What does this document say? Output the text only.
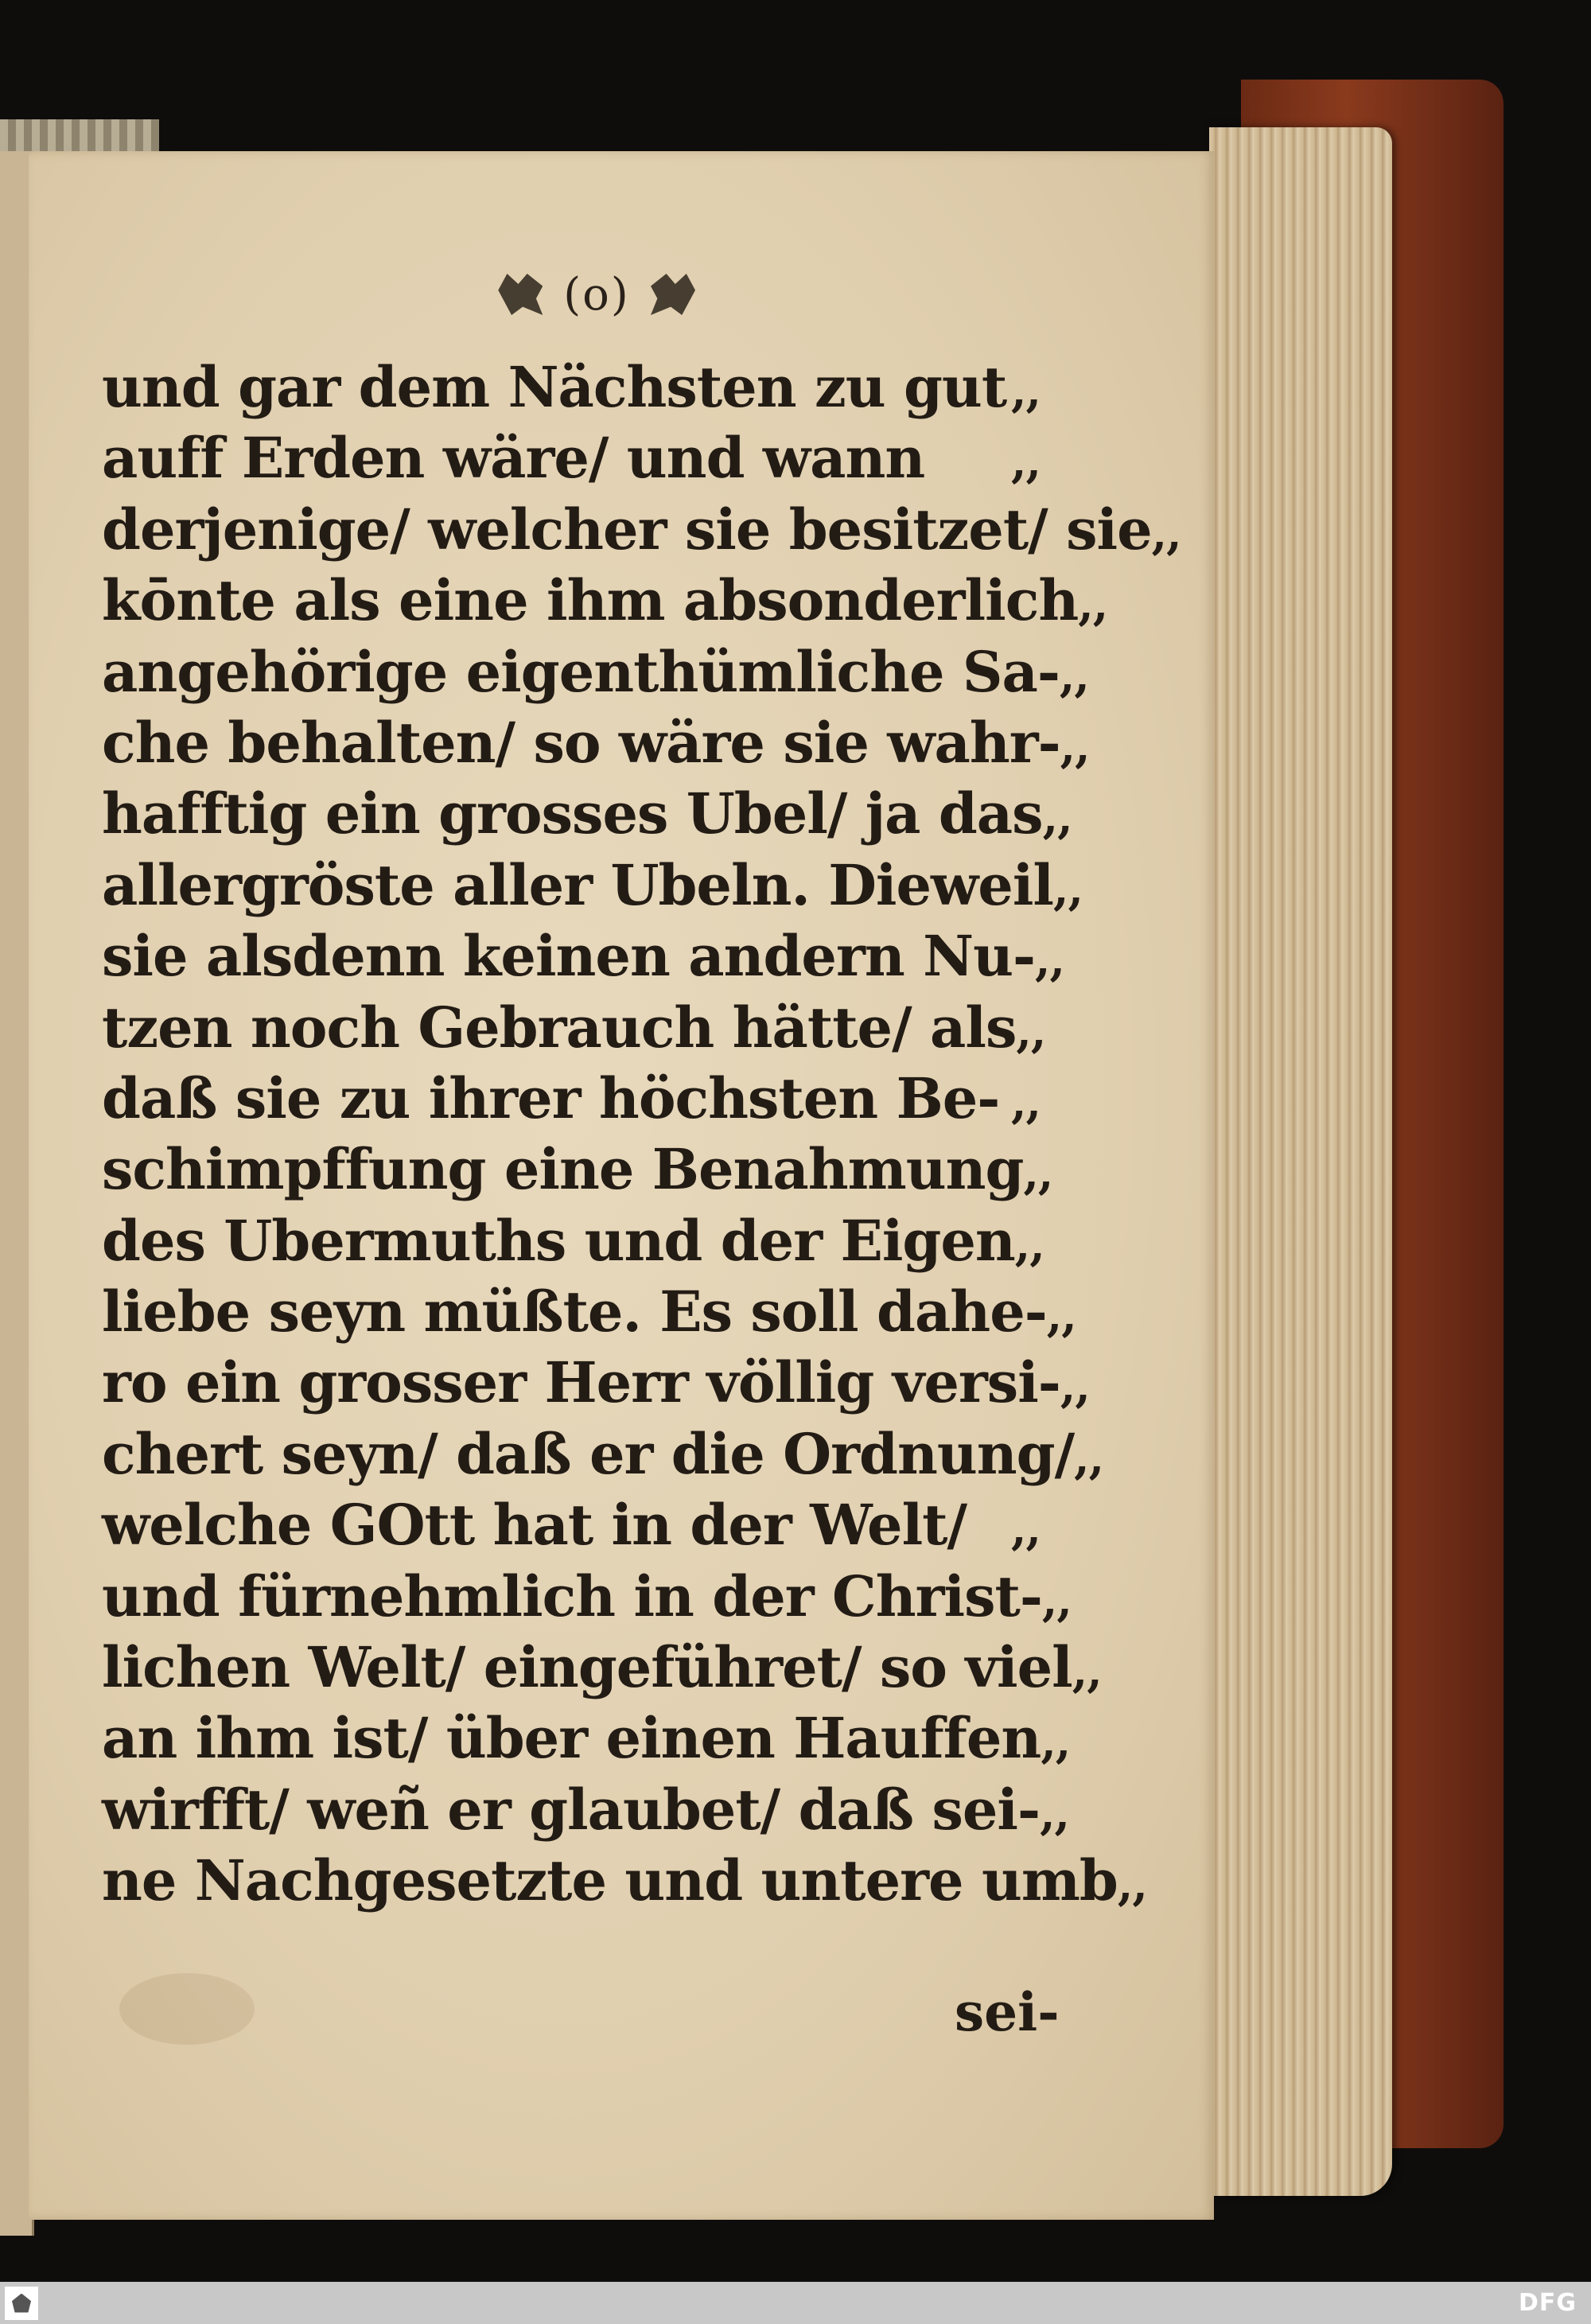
(o)
und gar dem Nächsten zu gut ,,
auff Erden wäre/ und wann	,,
derjenige/ welcher sie besitzet/ sie ,,
kōnte als eine ihm absonderlich ,,
angehörige eigenthümliche Sa- ,,
che behalten/ so wäre sie wahr- ,,
hafftig ein grosses Ubel/ ja das ,,
allergröste aller Ubeln. Dieweil ,,
sie alsdenn keinen andern Nu- ,,
tzen noch Gebrauch hätte/ als ,,
daß sie zu ihrer höchsten Be- ,,
schimpffung eine Benahmung ,,
des Ubermuths und der Eigen ,,
liebe seyn müßte. Es soll dahe- ,,
ro ein grosser Herr völlig versi- ,,
chert seyn/ daß er die Ordnung/ ,,
welche GOtt hat in der Welt/ ,,
und fürnehmlich in der Christ- ,,
lichen Welt/ eingeführet/ so viel ,,
an ihm ist/ über einen Hauffen ,,
wirfft/ weñ er glaubet/ daß sei- ,,
ne Nachgesetzte und untere umb ,,
sei-
DFG
